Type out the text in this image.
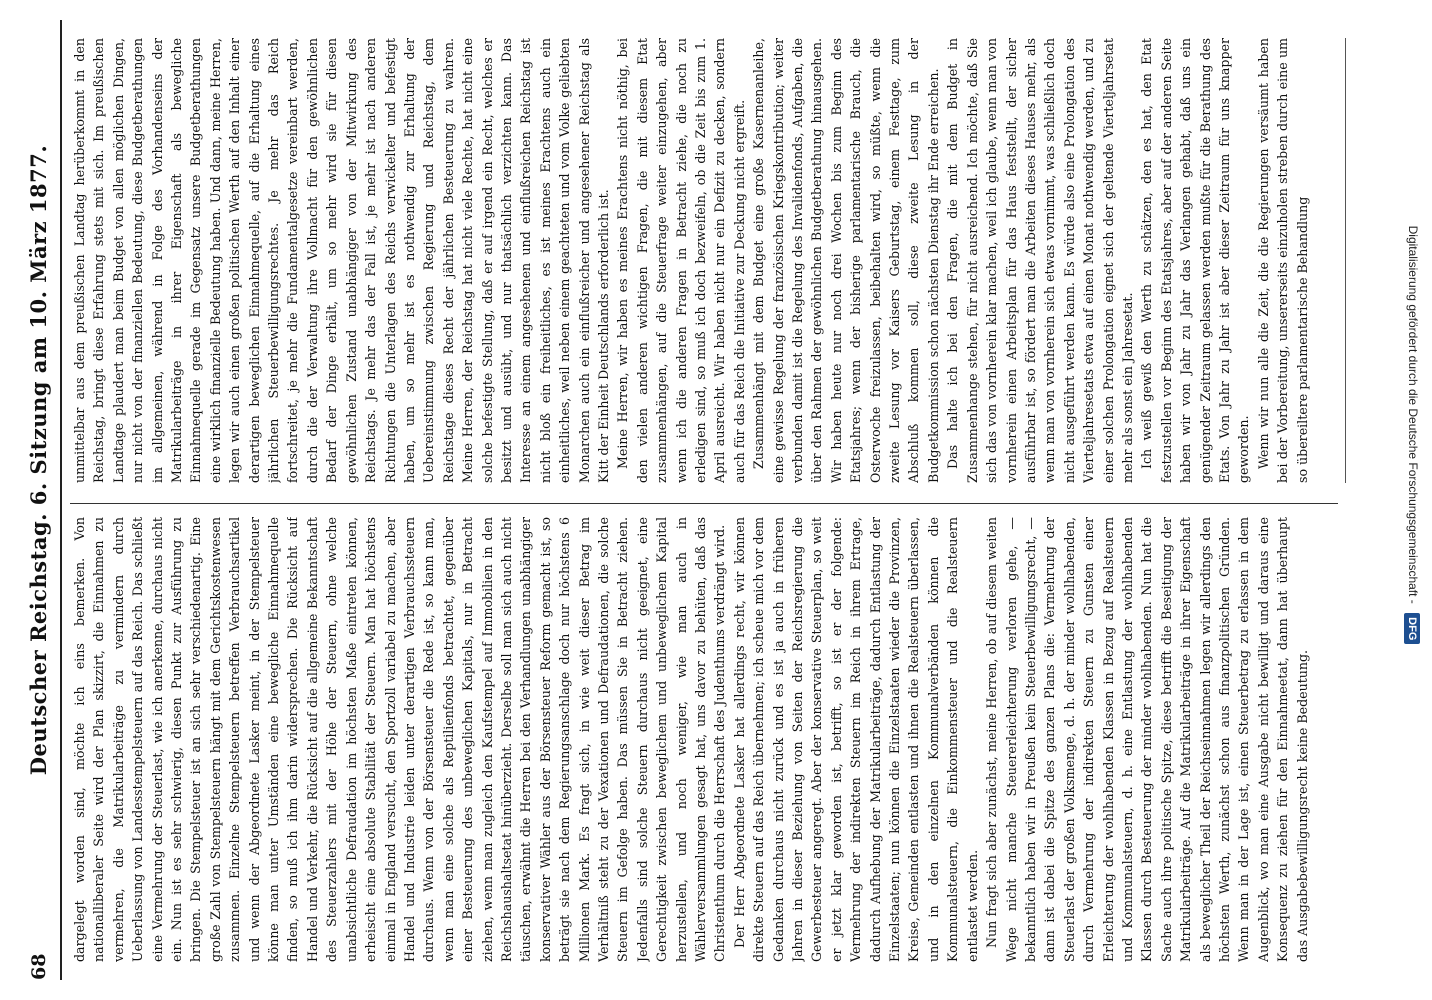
68
Deutscher Reichstag. 6. Sitzung am 10. März 1877. dargelegt worden sind, möchte ich eins bemerken. Von nationalliberaler Seite wird der Plan skizzirt, die Einnahmen zu vermehren, die Matrikularbeiträge zu vermindern durch Ueberlassung von Landesstempelsteuern auf das Reich. Das schließt eine Vermehrung der Steuerlast, wie ich anerkenne, durchaus nicht ein. Nun ist es sehr schwierig, diesen Punkt zur Ausführung zu bringen. Die Stempelsteuer ist an sich sehr verschiedenartig. Eine große Zahl von Stempelsteuern hängt mit dem Gerichtskostenwesen zusammen. Einzelne Stempelsteuern betreffen Verbrauchsartikel und wenn der Abgeordnete Lasker meint, in der Stempelsteuer könne man unter Umständen eine bewegliche Einnahmequelle finden, so muß ich ihm darin widersprechen. Die Rücksicht auf Handel und Verkehr, die Rücksicht auf die allgemeine Bekanntschaft des Steuerzahlers mit der Höhe der Steuern, ohne welche unabsichtliche Defraudation im höchsten Maße eintreten können, erheischt eine absolute Stabilität der Steuern. Man hat höchstens einmal in England versucht, den Sportzoll variabel zu machen, aber Handel und Industrie leiden unter derartigen Verbrauchssteuern durchaus. Wenn von der Börsensteuer die Rede ist, so kann man, wenn man eine solche als Reptilienfonds betrachtet, gegenüber einer Besteuerung des unbeweglichen Kapitals, nur in Betracht ziehen, wenn man zugleich den Kaufstempel auf Immobilien in den Reichshaushaltsetat hinüberzieht. Derselbe soll man sich auch nicht täuschen, erwähnt die Herren bei den Verhandlungen unabhängiger konservativer Wähler aus der Börsensteuer Reform gemacht ist, so beträgt sie nach dem Regierungsanschlage doch nur höchstens 6 Millionen Mark. Es fragt sich, in wie weit dieser Betrag im Verhältniß steht zu der Vexationen und Defraudationen, die solche Steuern im Gefolge haben. Das müssen Sie in Betracht ziehen. Jedenfalls sind solche Steuern durchaus nicht geeignet, eine Gerechtigkeit zwischen beweglichem und unbeweglichem Kapital herzustellen, und noch weniger, wie man auch in Wählerversammlungen gesagt hat, uns davor zu behüten, daß das Christenthum durch die Herrschaft des Judenthums verdrängt wird. Der Herr Abgeordnete Lasker hat allerdings recht, wir können direkte Steuern auf das Reich übernehmen; ich scheue mich vor dem Gedanken durchaus nicht zurück und es ist ja auch in früheren Jahren in dieser Beziehung von Seiten der Reichsregierung die Gewerbesteuer angeregt. Aber der konservative Steuerplan, so weit er jetzt klar geworden ist, betrifft, so ist er der folgende: Vermehrung der indirekten Steuern im Reich in ihrem Ertrage, dadurch Aufhebung der Matrikularbeiträge, dadurch Entlastung der Einzelstaaten; nun können die Einzelstaaten wieder die Provinzen, Kreise, Gemeinden entlasten und ihnen die Realsteuern überlassen, und in den einzelnen Kommunalverbänden können die Kommunalsteuern, die Einkommensteuer und die Realsteuern entlastet werden. Nun fragt sich aber zunächst, meine Herren, ob auf diesem weiten Wege nicht manche Steuererleichterung verloren gehe, — bekanntlich haben wir in Preußen kein Steuerbewilligungsrecht, — dann ist dabei die Spitze des ganzen Plans die: Vermehrung der Steuerlast der großen Volksmenge, d. h. der minder wohlhabenden, durch Vermehrung der indirekten Steuern zu Gunsten einer Erleichterung der wohlhabenden Klassen in Bezug auf Realsteuern und Kommunalsteuern, d. h. eine Entlastung der wohlhabenden Klassen durch Besteuerung der minder wohlhabenden. Nun hat die Sache auch ihre politische Spitze, diese betrifft die Beseitigung der Matrikularbeiträge. Auf die Matrikularbeiträge in ihrer Eigenschaft als beweglicher Theil der Reichseinnahmen legen wir allerdings den höchsten Werth, zunächst schon aus finanzpolitischen Gründen. Wenn man in der Lage ist, einen Steuerbetrag zu erlassen in dem Augenblick, wo man eine Ausgabe nicht bewilligt und daraus eine Konsequenz zu ziehen für den Einnahmeetat, dann hat überhaupt das Ausgabebewilligungsrecht keine Bedeutung.

unmittelbar aus dem preußischen Landtag herüberkommt in den Reichstag, bringt diese Erfahrung stets mit sich. Im preußischen Landtage plaudert man beim Budget von allen möglichen Dingen, nur nicht von der finanziellen Bedeutung, diese Budgetberathungen im allgemeinen, während in Folge des Vorhandenseins der Matrikularbeiträge in ihrer Eigenschaft als bewegliche Einnahmequelle gerade im Gegensatz unsere Budgetberathungen eine wirklich finanzielle Bedeutung haben. Und dann, meine Herren, legen wir auch einen großen politischen Werth auf den Inhalt einer derartigen beweglichen Einnahmequelle, auf die Erhaltung eines jährlichen Steuerbewilligungsrechtes. Je mehr das Reich fortschreitet, je mehr die Fundamentalgesetze vereinbart werden, durch die der Verwaltung ihre Vollmacht für den gewöhnlichen Bedarf der Dinge erhält, um so mehr wird sie für diesen gewöhnlichen Zustand unabhängiger von der Mitwirkung des Reichstags. Je mehr das der Fall ist, je mehr ist nach anderen Richtungen die Unterlagen des Reichs verwickelter und befestigt haben, um so mehr ist es nothwendig zur Erhaltung der Uebereinstimmung zwischen Regierung und Reichstag, dem Reichstage dieses Recht der jährlichen Besteuerung zu wahren. Meine Herren, der Reichstag hat nicht viele Rechte, hat nicht eine solche befestigte Stellung, daß er auf irgend ein Recht, welches er besitzt und ausübt, und nur thatsächlich verzichten kann. Das Interesse an einem angesehenen und einflußreichen Reichstag ist nicht bloß ein freiheitliches, es ist meines Erachtens auch ein einheitliches, weil neben einem geachteten und vom Volke geliebten Monarchen auch ein einflußreicher und angesehener Reichstag als Kitt der Einheit Deutschlands erforderlich ist. Meine Herren, wir haben es meines Erachtens nicht nöthig, bei den vielen anderen wichtigen Fragen, die mit diesem Etat zusammenhängen, auf die Steuerfrage weiter einzugehen, aber wenn ich die anderen Fragen in Betracht ziehe, die noch zu erledigen sind, so muß ich doch bezweifeln, ob die Zeit bis zum 1. April ausreicht. Wir haben nicht nur ein Defizit zu decken, sondern auch für das Reich die Initiative zur Deckung nicht ergreift. Zusammenhängt mit dem Budget eine große Kasernenanleihe, eine gewisse Regelung der französischen Kriegskontribution; weiter verbunden damit ist die Regelung des Invalidenfonds, Aufgaben, die über den Rahmen der gewöhnlichen Budgetberathung hinausgehen. Wir haben heute nur noch drei Wochen bis zum Beginn des Etatsjahres; wenn der bisherige parlamentarische Brauch, die Osterwoche freizulassen, beibehalten wird, so müßte, wenn die zweite Lesung vor Kaisers Geburtstag, einem Festtage, zum Abschluß kommen soll, diese zweite Lesung in der Budgetkommission schon nächsten Dienstag ihr Ende erreichen. Das halte ich bei den Fragen, die mit dem Budget in Zusammenhange stehen, für nicht ausreichend. Ich möchte, daß Sie sich das von vornherein klar machen, weil ich glaube, wenn man von vornherein einen Arbeitsplan für das Haus feststellt, der sicher ausführbar ist, so fördert man die Arbeiten dieses Hauses mehr, als wenn man von vornherein sich etwas vornimmt, was schließlich doch nicht ausgeführt werden kann. Es würde also eine Prolongation des Vierteljahresetats etwa auf einen Monat nothwendig werden, und zu einer solchen Prolongation eignet sich der geltende Vierteljahrsetat mehr als sonst ein Jahresetat. Ich weiß gewiß den Werth zu schätzen, den es hat, den Etat festzustellen vor Beginn des Etatsjahres, aber auf der anderen Seite haben wir von Jahr zu Jahr das Verlangen gehabt, daß uns ein genügender Zeitraum gelassen werden mußte für die Berathung des Etats. Von Jahr zu Jahr ist aber dieser Zeitraum für uns knapper geworden. Wenn wir nun alle die Zeit, die die Regierungen versäumt haben bei der Vorbereitung, unsererseits einzuholen streben durch eine um so übereiltere parlamentarische Behandlung	Digitalisierung gefördert durch die Deutsche Forschungsgemeinschaft - DFG
